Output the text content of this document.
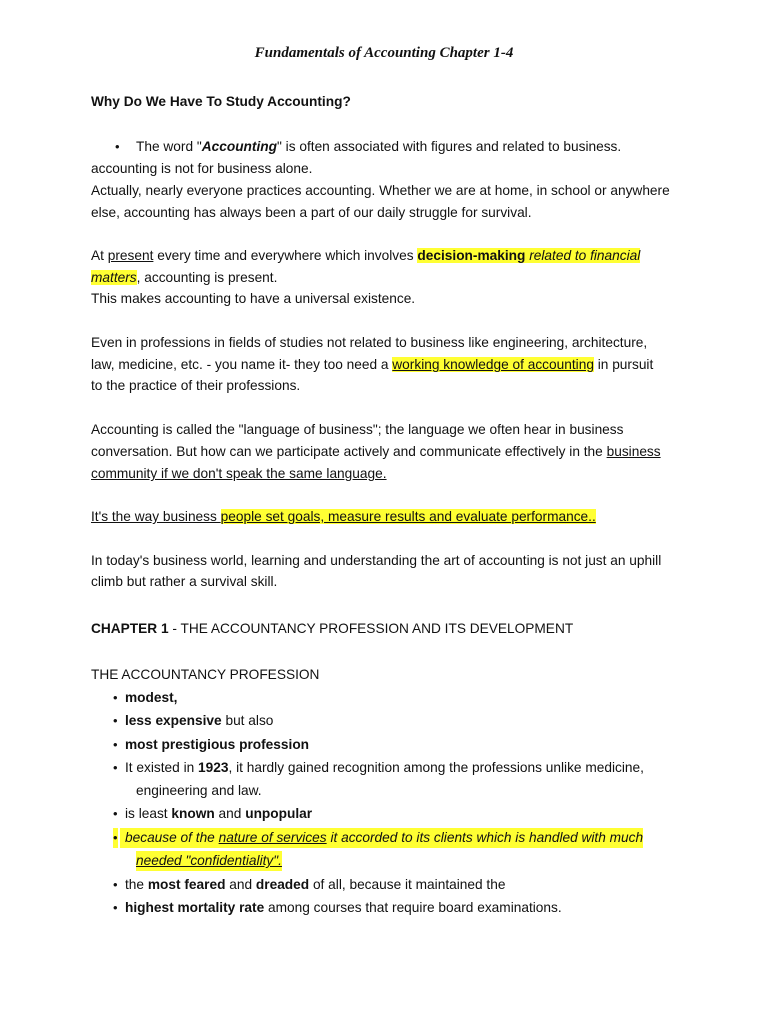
Fundamentals of Accounting Chapter 1-4
Why Do We Have To Study Accounting?
• The word "Accounting" is often associated with figures and related to business.
accounting is not for business alone.
Actually, nearly everyone practices accounting. Whether we are at home, in school or anywhere
else, accounting has always been a part of our daily struggle for survival.
At present every time and everywhere which involves decision-making related to financial
matters, accounting is present.
This makes accounting to have a universal existence.
Even in professions in fields of studies not related to business like engineering, architecture,
law, medicine, etc. - you name it- they too need a working knowledge of accounting in pursuit
to the practice of their professions.
Accounting is called the "language of business"; the language we often hear in business
conversation. But how can we participate actively and communicate effectively in the business
community if we don't speak the same language.
It's the way business people set goals, measure results and evaluate performance..
In today's business world, learning and understanding the art of accounting is not just an uphill
climb but rather a survival skill.
CHAPTER 1 - THE ACCOUNTANCY PROFESSION AND ITS DEVELOPMENT
THE ACCOUNTANCY PROFESSION
• modest,
• less expensive but also
• most prestigious profession
• It existed in 1923, it hardly gained recognition among the professions unlike medicine,
engineering and law.
• is least known and unpopular
• because of the nature of services it accorded to its clients which is handled with much
needed "confidentiality".
• the most feared and dreaded of all, because it maintained the
• highest mortality rate among courses that require board examinations.
